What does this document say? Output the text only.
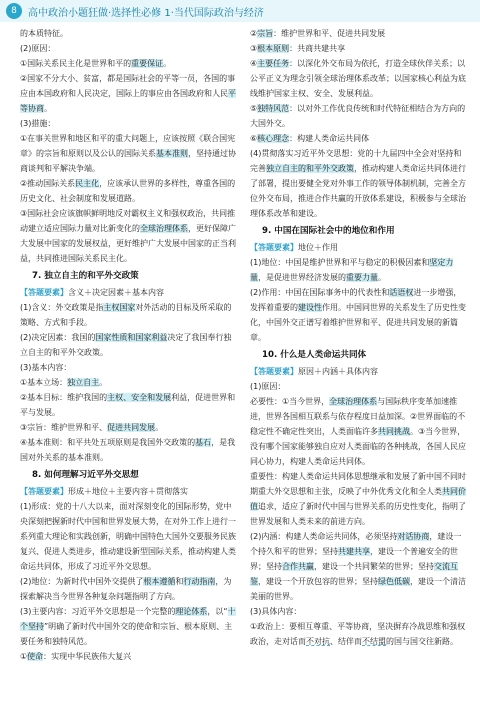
8	高中政治小题狂做·选择性必修 1·当代国际政治与经济

的本质特征。

(2)原因：

①国际关系民主化是世界和平的重要保证。

②国家不分大小、贫富，都是国际社会的平等一员，各国的事应由本国政府和人民决定，国际上的事应由各国政府和人民平等协商。

(3)措施：

①在事关世界和地区和平的重大问题上，应该按照《联合国宪章》的宗旨和原则以及公认的国际关系基本准则，坚持通过协商谈判和平解决争端。

②推动国际关系民主化，应该承认世界的多样性，尊重各国的历史文化、社会制度和发展道路。

③国际社会应该旗帜鲜明地反对霸权主义和强权政治，共同推动建立适应国际力量对比新变化的全球治理体系，更好保障广大发展中国家的发展权益，更好维护广大发展中国家的正当利益，共同推进国际关系民主化。

7. 独立自主的和平外交政策
【答题要素】含义＋决定因素＋基本内容

(1)含义：外交政策是指主权国家对外活动的目标及所采取的策略、方式和手段。

(2)决定因素：我国的国家性质和国家利益决定了我国奉行独立自主的和平外交政策。

(3)基本内容：

①基本立场：独立自主。

②基本目标：维护我国的主权、安全和发展利益，促进世界和平与发展。

③宗旨：维护世界和平、促进共同发展。

④基本准则：和平共处五项原则是我国外交政策的基石，是我国对外关系的基本准则。

8. 如何理解习近平外交思想
【答题要素】形成＋地位＋主要内容＋贯彻落实

(1)形成：党的十八大以来，面对深刻变化的国际形势，党中央深刻把握新时代中国和世界发展大势，在对外工作上进行一系列重大理论和实践创新，明确中国特色大国外交要服务民族复兴、促进人类进步，推动建设新型国际关系，推动构建人类命运共同体，形成了习近平外交思想。

(2)地位：为新时代中国外交提供了根本遵循和行动指南，为探索解决当今世界各种复杂问题指明了方向。

(3)主要内容：习近平外交思想是一个完整的理论体系，以“十个坚持”明确了新时代中国外交的使命和宗旨、根本原则、主要任务和独特风范。

①使命：实现中华民族伟大复兴

②宗旨：维护世界和平、促进共同发展

③根本原则：共商共建共享

④主要任务：以深化外交布局为依托，打造全球伙伴关系；以公平正义为理念引领全球治理体系改革；以国家核心利益为底线维护国家主权、安全、发展利益。

⑤独特风范：以对外工作优良传统和时代特征相结合为方向的大国外交。

⑥核心理念：构建人类命运共同体

(4)贯彻落实习近平外交思想：党的十九届四中全会对坚持和完善独立自主的和平外交政策，推动构建人类命运共同体进行了部署，提出要健全党对外事工作的领导体制机制，完善全方位外交布局，推进合作共赢的开放体系建设，积极参与全球治理体系改革和建设。

9. 中国在国际社会中的地位和作用
【答题要素】地位＋作用

(1)地位：中国是维护世界和平与稳定的积极因素和坚定力量，是促进世界经济发展的重要力量。

(2)作用：中国在国际事务中的代表性和话语权进一步增强，发挥着重要的建设性作用。中国同世界的关系发生了历史性变化，中国外交正谱写着维护世界和平、促进共同发展的新篇章。

10. 什么是人类命运共同体
【答题要素】原因＋内涵＋具体内容

(1)原因：

必要性：①当今世界，全球治理体系与国际秩序变革加速推进，世界各国相互联系与依存程度日益加深。②世界面临的不稳定性不确定性突出，人类面临许多共同挑战。③当今世界，没有哪个国家能够独自应对人类面临的各种挑战，各国人民应同心协力，构建人类命运共同体。

重要性：构建人类命运共同体思想继承和发展了新中国不同时期重大外交思想和主张，反映了中外优秀文化和全人类共同价值追求，适应了新时代中国与世界关系的历史性变化，指明了世界发展和人类未来的前进方向。

(2)内涵：构建人类命运共同体，必须坚持对话协商，建设一个持久和平的世界；坚持共建共享，建设一个普遍安全的世界；坚持合作共赢，建设一个共同繁荣的世界；坚持交流互鉴，建设一个开放包容的世界；坚持绿色低碳，建设一个清洁美丽的世界。

(3)具体内容：

①政治上：要相互尊重、平等协商，坚决摒弃冷战思维和强权政治，走对话而不对抗、结伴而不结盟的国与国交往新路。
